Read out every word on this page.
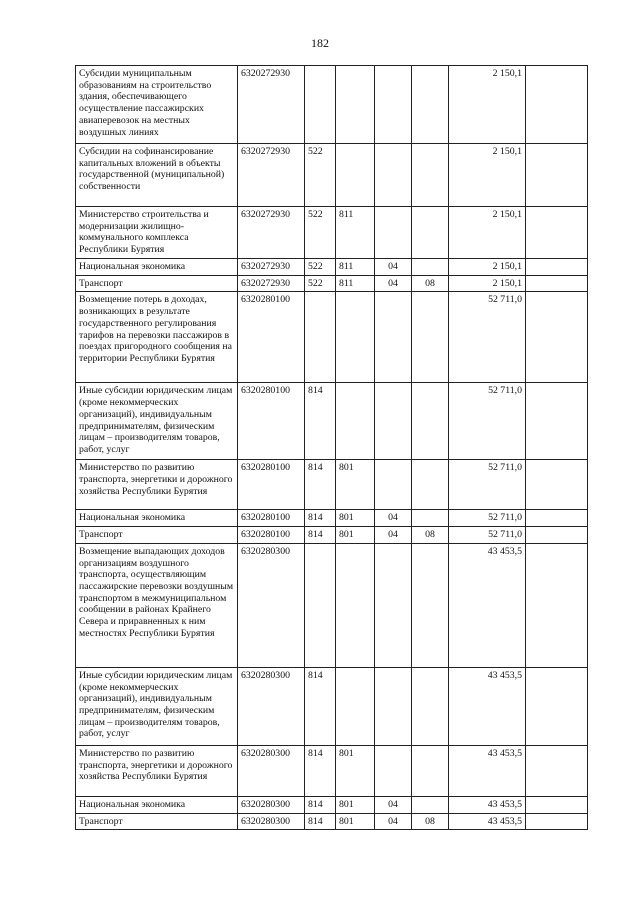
182
Субсидии муниципальным образованиям на строительство здания, обеспечивающего осуществление пассажирских авиаперевозок на местных воздушных линиях	6320272930					2 150,1	
Субсидии на софинансирование капитальных вложений в объекты государственной (муниципальной) собственности	6320272930	522				2 150,1	
Министерство строительства и модернизации жилищно-коммунального комплекса Республики Бурятия	6320272930	522	811			2 150,1	
Национальная экономика	6320272930	522	811	04		2 150,1	
Транспорт	6320272930	522	811	04	08	2 150,1	
Возмещение потерь в доходах, возникающих в результате государственного регулирования тарифов на перевозки пассажиров в поездах пригородного сообщения на территории Республики Бурятия	6320280100					52 711,0	
Иные субсидии юридическим лицам (кроме некоммерческих организаций), индивидуальным предпринимателям, физическим лицам – производителям товаров, работ, услуг	6320280100	814				52 711,0	
Министерство по развитию транспорта, энергетики и дорожного хозяйства Республики Бурятия	6320280100	814	801			52 711,0	
Национальная экономика	6320280100	814	801	04		52 711,0	
Транспорт	6320280100	814	801	04	08	52 711,0	
Возмещение выпадающих доходов организациям воздушного транспорта, осуществляющим пассажирские перевозки воздушным транспортом в межмуниципальном сообщении в районах Крайнего Севера и приравненных к ним местностях Республики Бурятия	6320280300					43 453,5	
Иные субсидии юридическим лицам (кроме некоммерческих организаций), индивидуальным предпринимателям, физическим лицам – производителям товаров, работ, услуг	6320280300	814				43 453,5	
Министерство по развитию транспорта, энергетики и дорожного хозяйства Республики Бурятия	6320280300	814	801			43 453,5	
Национальная экономика	6320280300	814	801	04		43 453,5	
Транспорт	6320280300	814	801	04	08	43 453,5	
